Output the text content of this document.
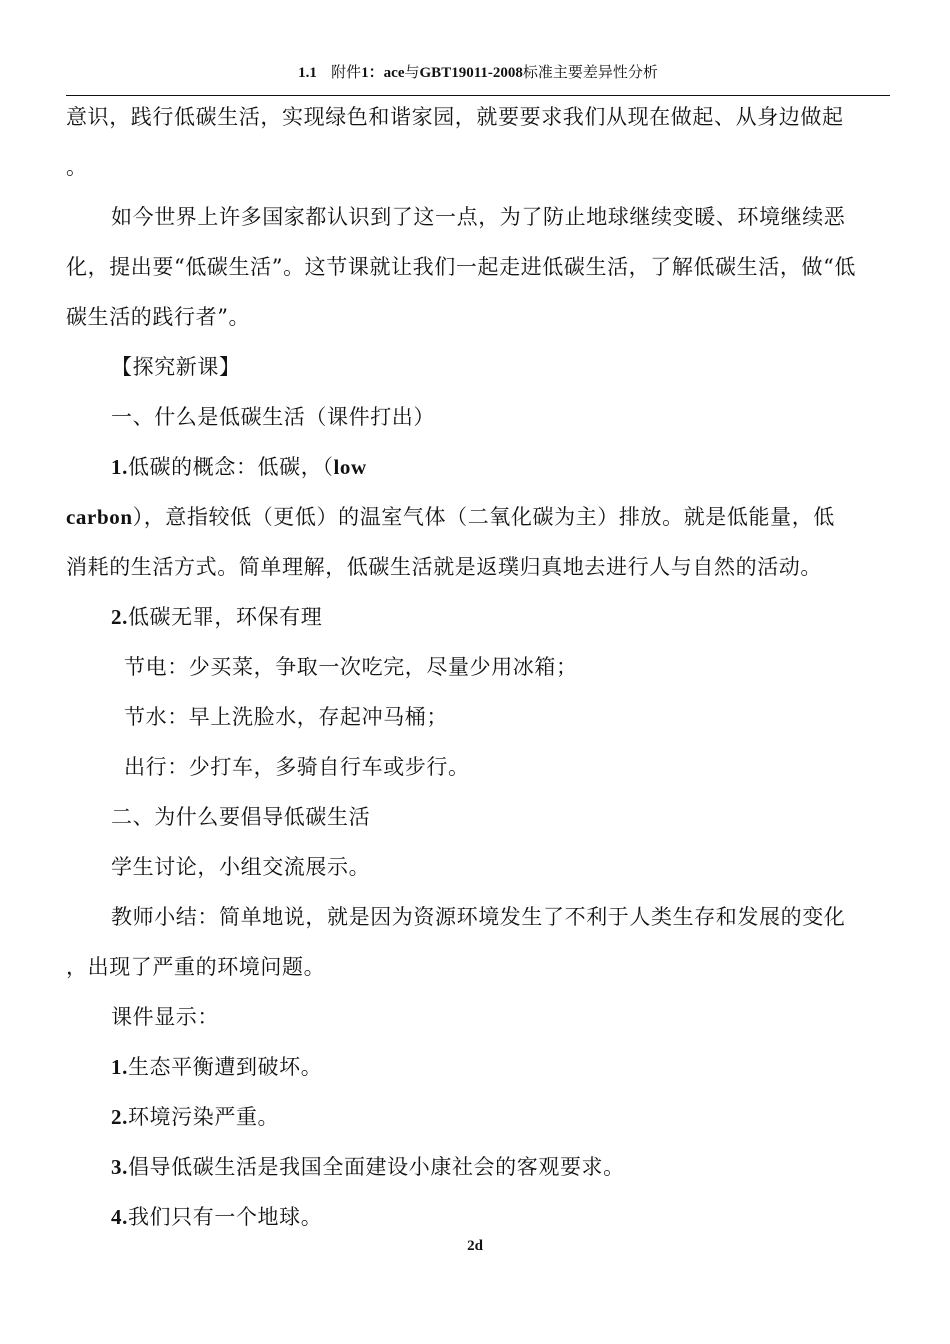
1.1 附件1：ace与GBT19011-2008标准主要差异性分析
意识，践行低碳生活，实现绿色和谐家园，就要要求我们从现在做起、从身边做起
。
如今世界上许多国家都认识到了这一点，为了防止地球继续变暖、环境继续恶
化，提出要“低碳生活”。这节课就让我们一起走进低碳生活，了解低碳生活，做“低
碳生活的践行者”。
【探究新课】
一、什么是低碳生活（课件打出）
1.低碳的概念：低碳，（low
carbon），意指较低（更低）的温室气体（二氧化碳为主）排放。就是低能量，低
消耗的生活方式。简单理解，低碳生活就是返璞归真地去进行人与自然的活动。
2.低碳无罪，环保有理
节电：少买菜，争取一次吃完，尽量少用冰箱；
节水：早上洗脸水，存起冲马桶；
出行：少打车，多骑自行车或步行。
二、为什么要倡导低碳生活
学生讨论，小组交流展示。
教师小结：简单地说，就是因为资源环境发生了不利于人类生存和发展的变化
，出现了严重的环境问题。
课件显示：
1.生态平衡遭到破坏。
2.环境污染严重。
3.倡导低碳生活是我国全面建设小康社会的客观要求。
4.我们只有一个地球。
2d
